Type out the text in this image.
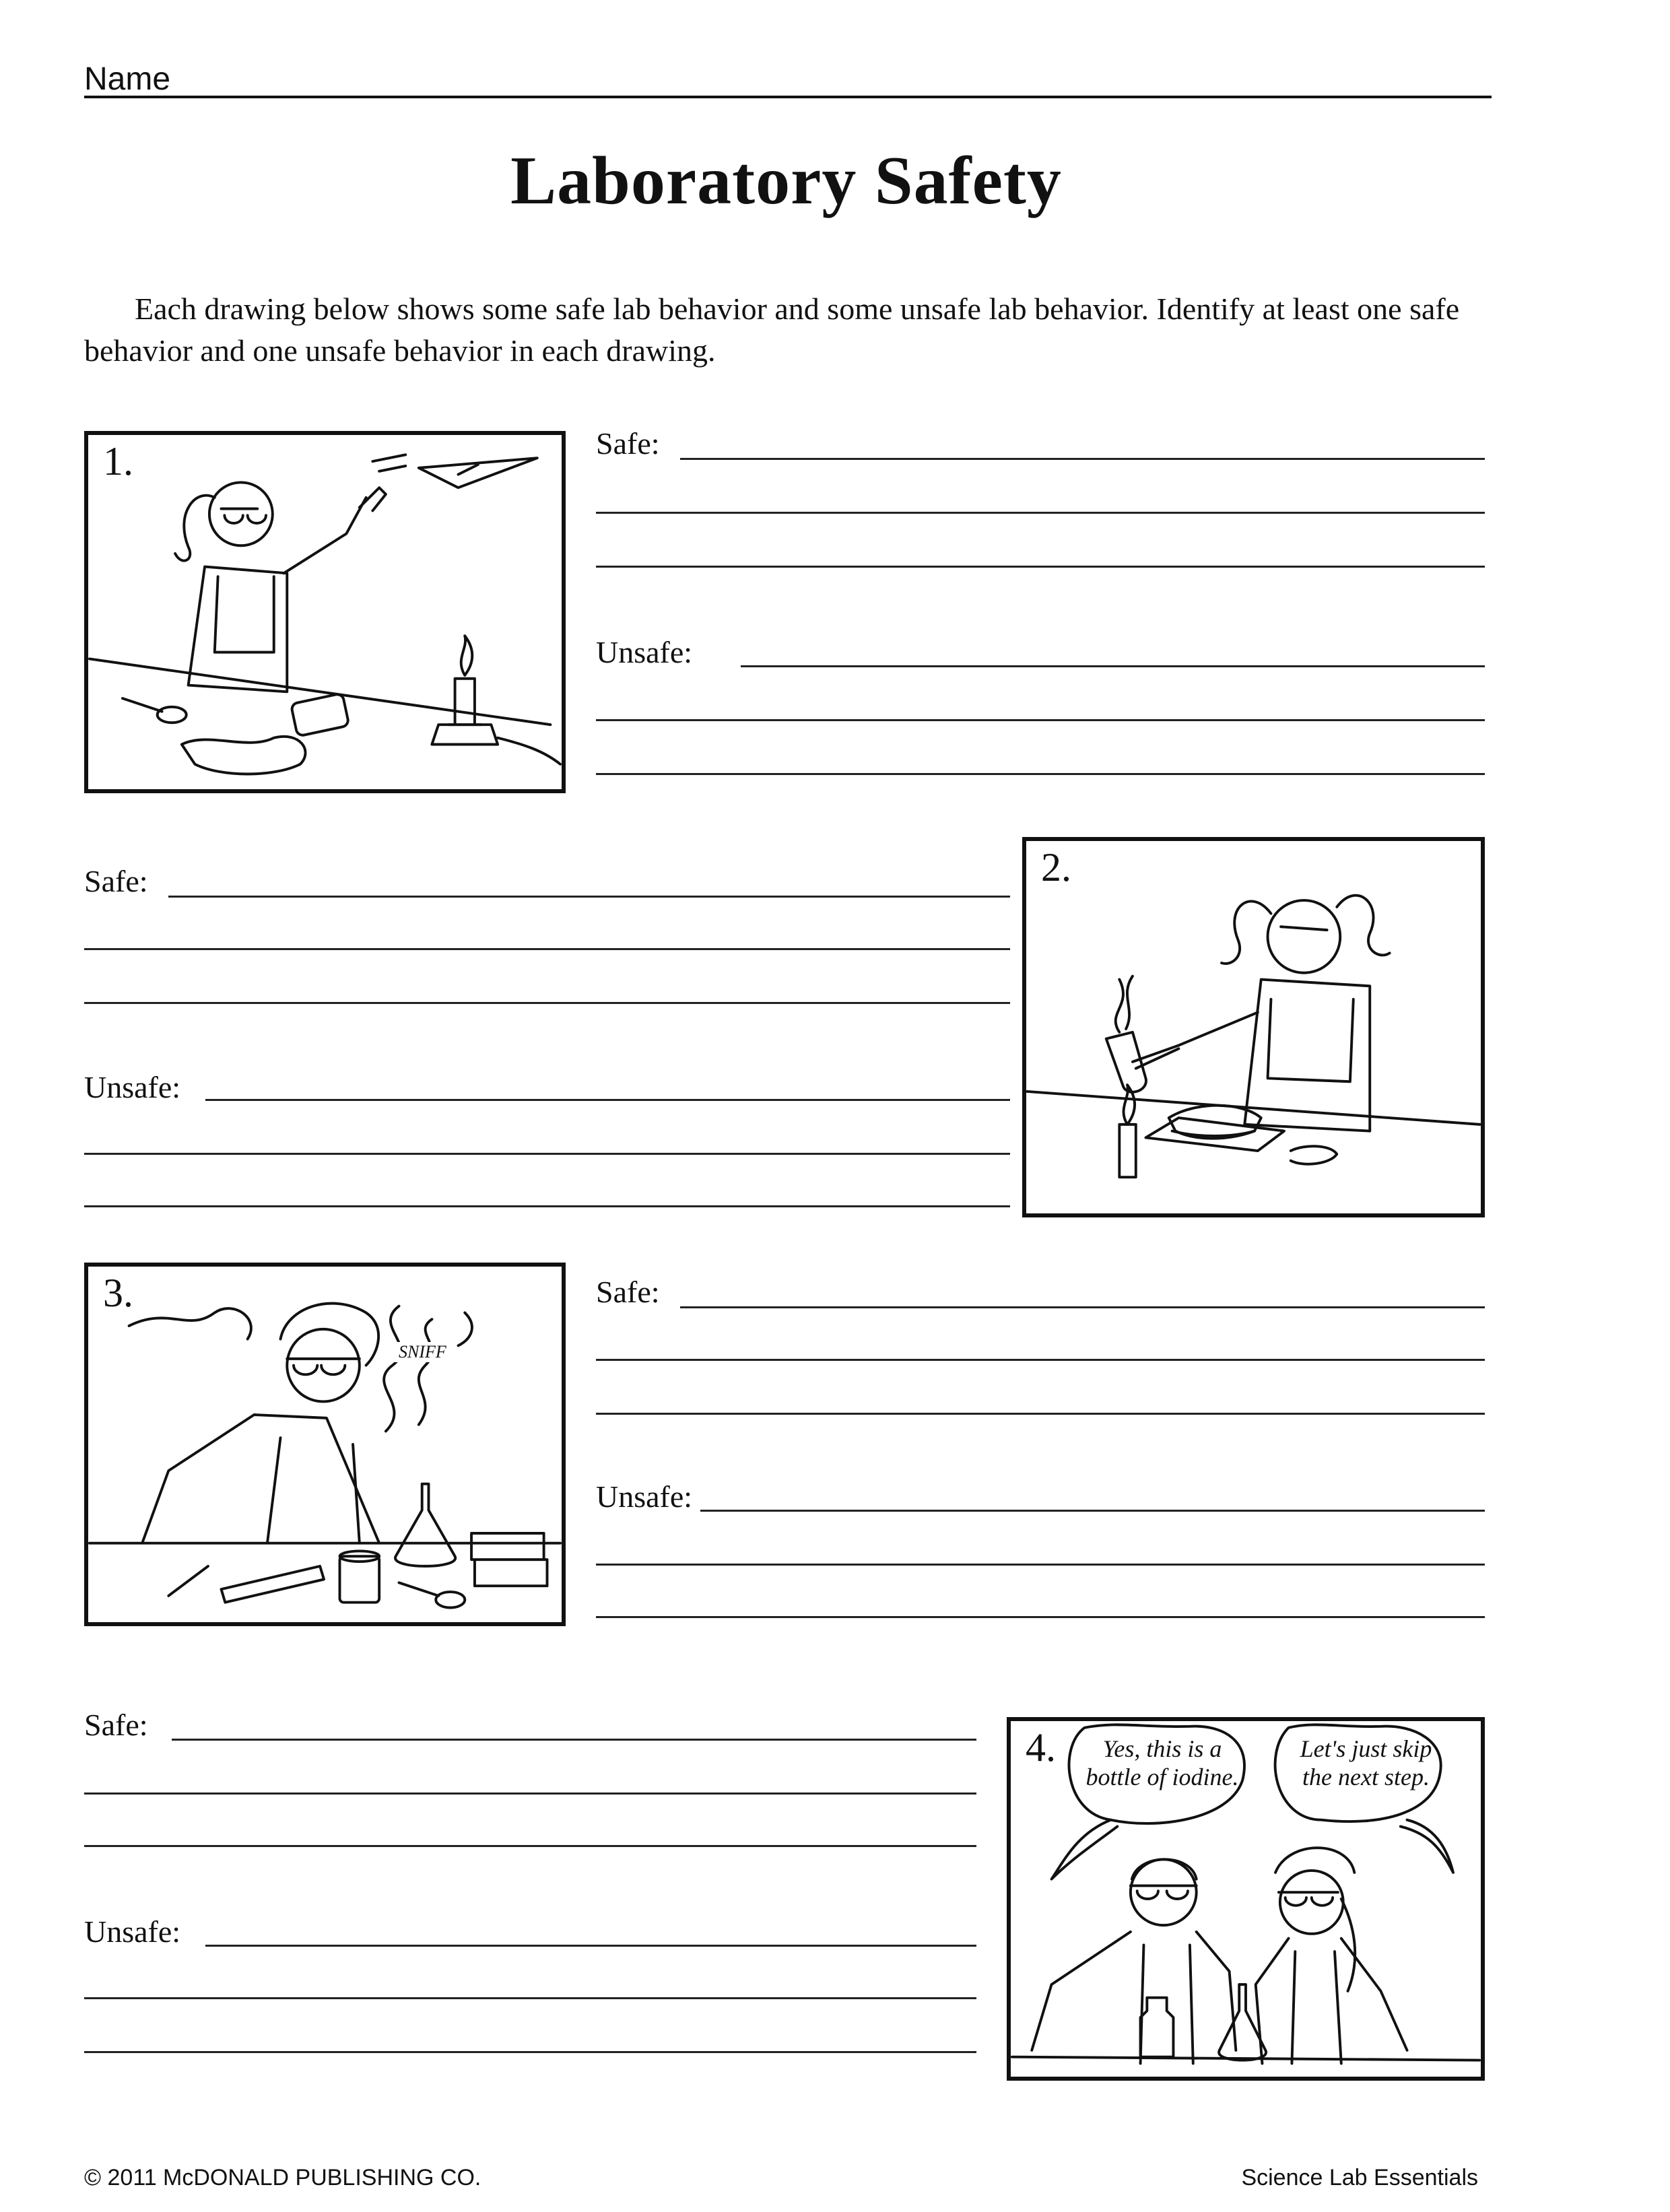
Name
Laboratory Safety
Each drawing below shows some safe lab behavior and some unsafe lab behavior. Identify at least one safe behavior and one unsafe behavior in each drawing.
1.	Safe:
Unsafe:
Safe:
Unsafe:
2.
3.
SNIFF
Safe:
Unsafe:
Safe:
Unsafe:
4.	Yes, this is a bottle of iodine.
Let's just skip the next step.
© 2011 McDONALD PUBLISHING CO.	Science Lab Essentials
